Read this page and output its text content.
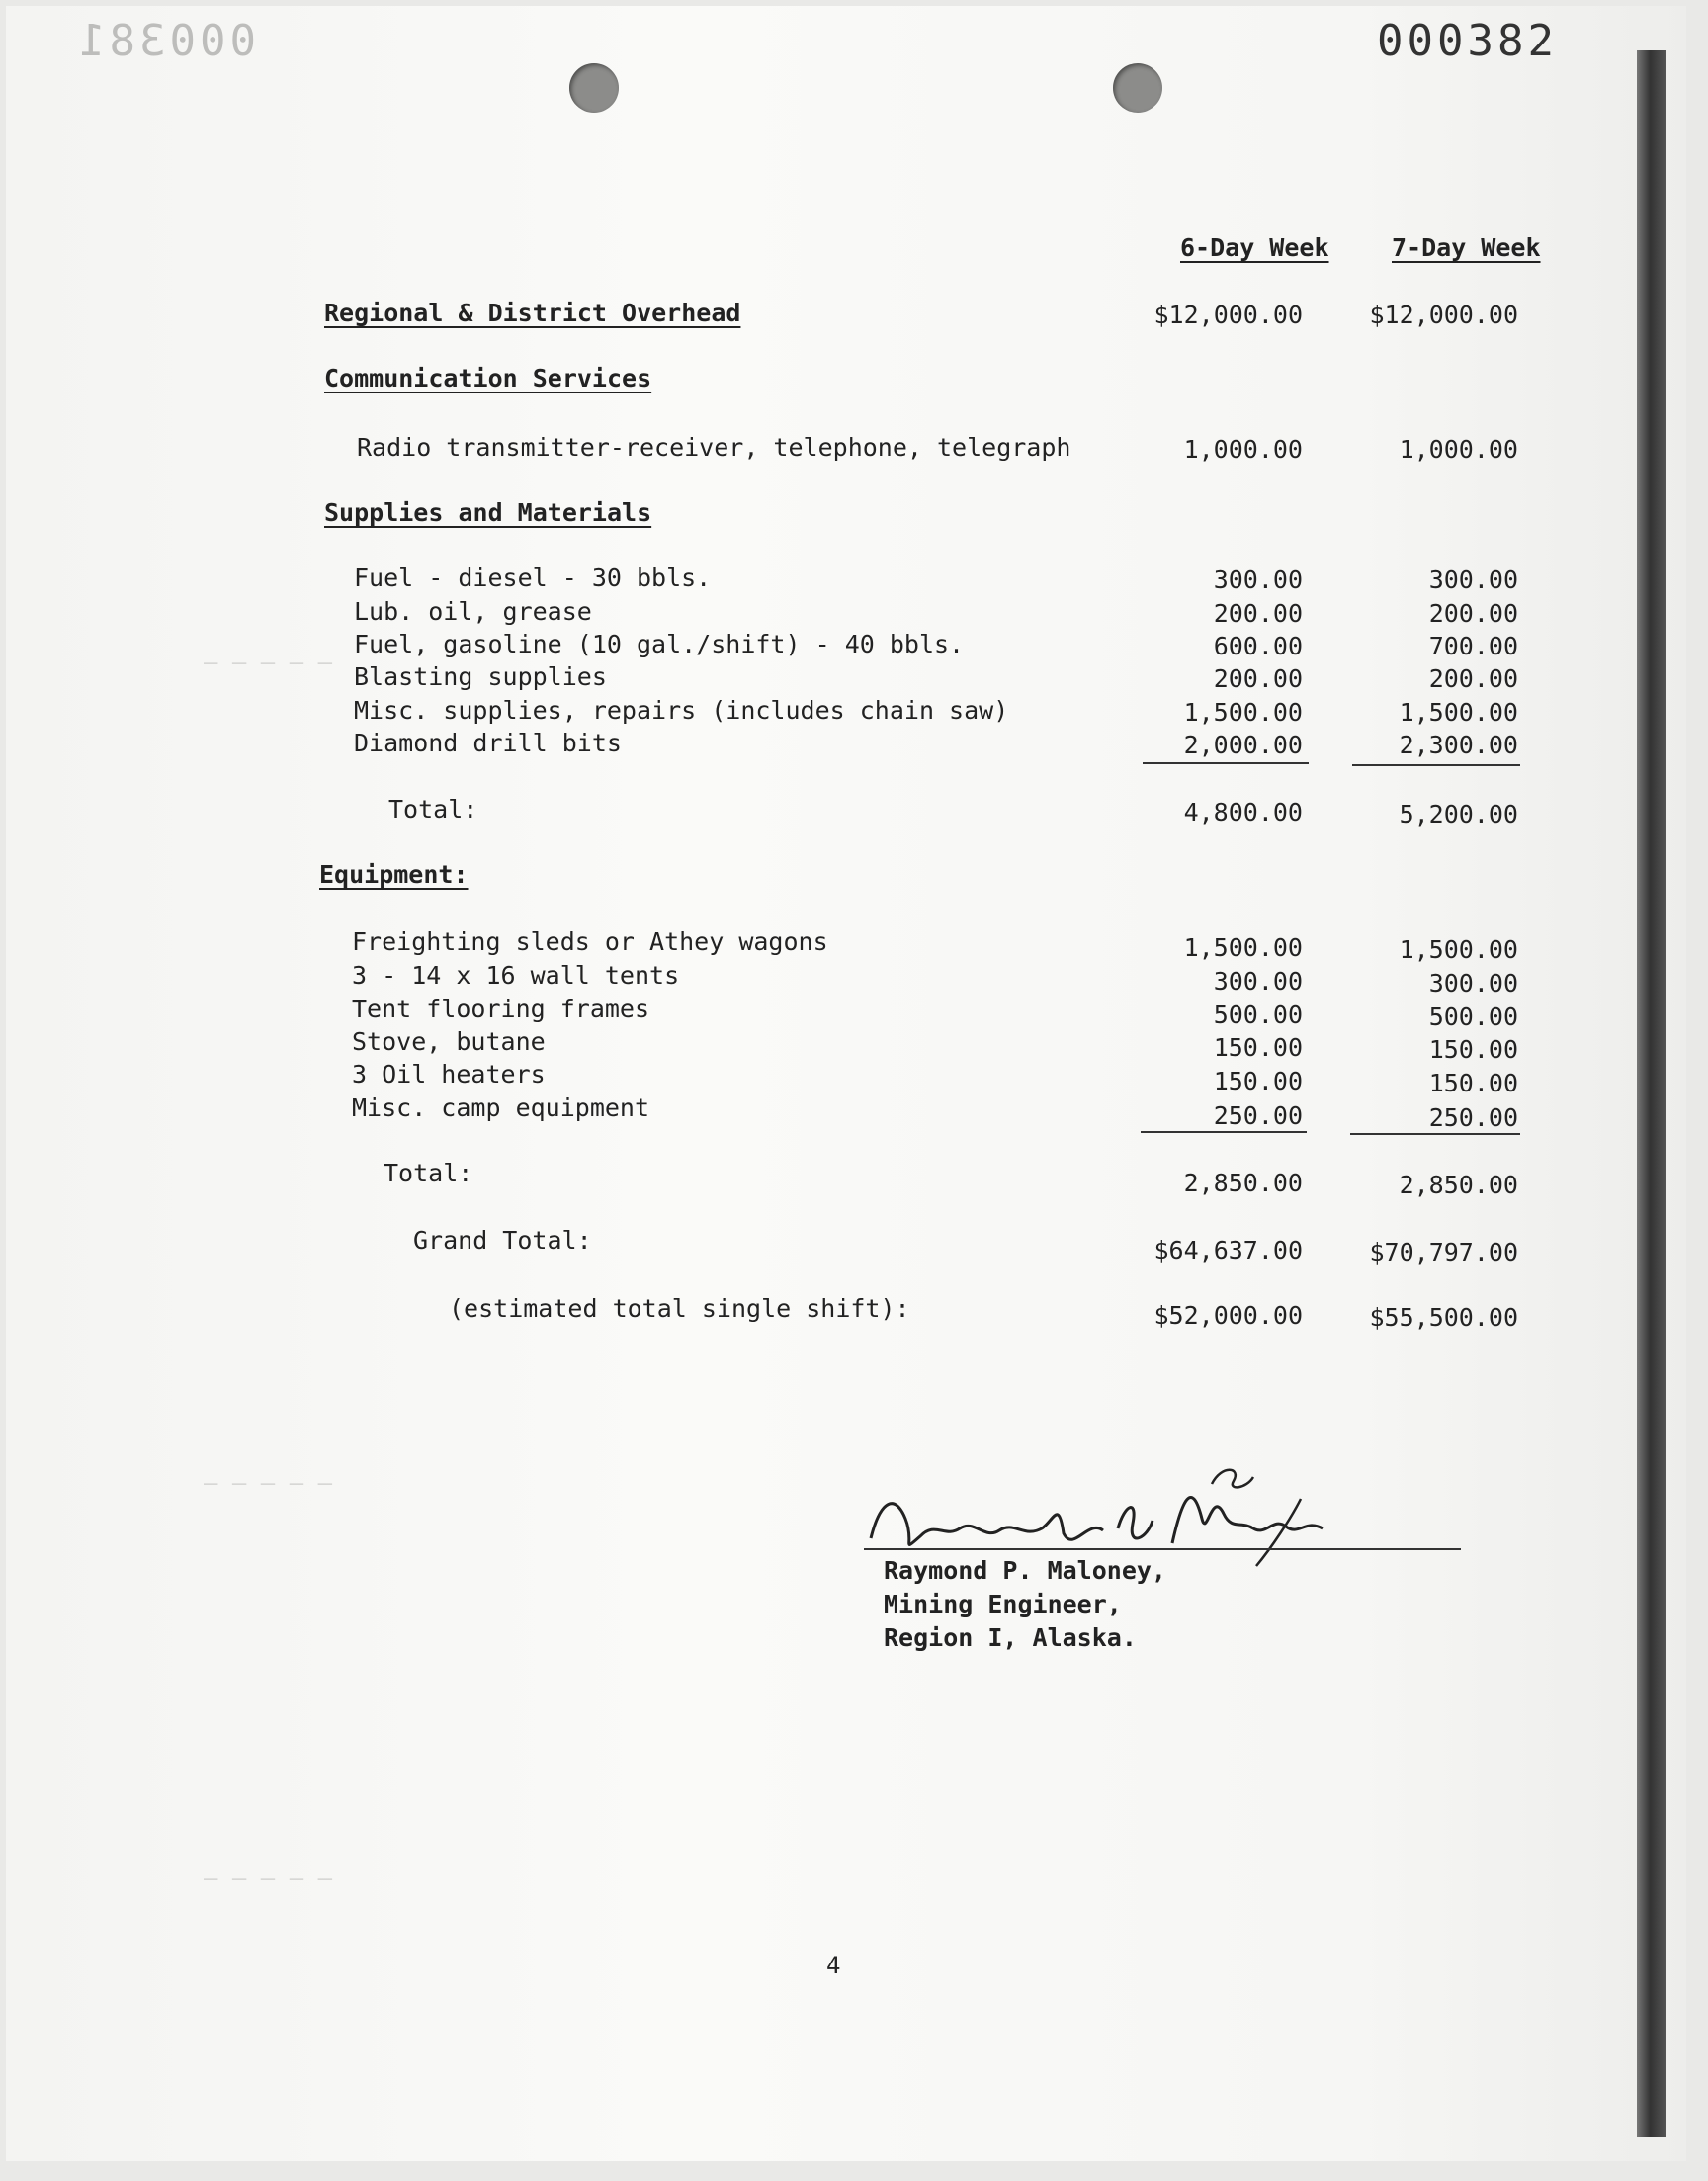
000381	000382
— — — — —
— — — — —
— — — — —
6-Day Week	7-Day Week
Regional & District Overhead	$12,000.00	$12,000.00
Communication Services
Radio transmitter-receiver, telephone, telegraph	1,000.00	1,000.00
Supplies and Materials
Fuel - diesel - 30 bbls.	300.00	300.00
Lub. oil, grease	200.00	200.00
Fuel, gasoline (10 gal./shift) - 40 bbls.	600.00	700.00
Blasting supplies	200.00	200.00
Misc. supplies, repairs (includes chain saw)	1,500.00	1,500.00
Diamond drill bits	2,000.00	2,300.00
Total:	4,800.00	5,200.00
Equipment:
Freighting sleds or Athey wagons	1,500.00	1,500.00
3 - 14 x 16 wall tents	300.00	300.00
Tent flooring frames	500.00	500.00
Stove, butane	150.00	150.00
3 Oil heaters	150.00	150.00
Misc. camp equipment	250.00	250.00
Total:	2,850.00	2,850.00
Grand Total:	$64,637.00	$70,797.00
(estimated total single shift):	$52,000.00	$55,500.00
Raymond P. Maloney,
Mining Engineer,
Region I, Alaska.
4
